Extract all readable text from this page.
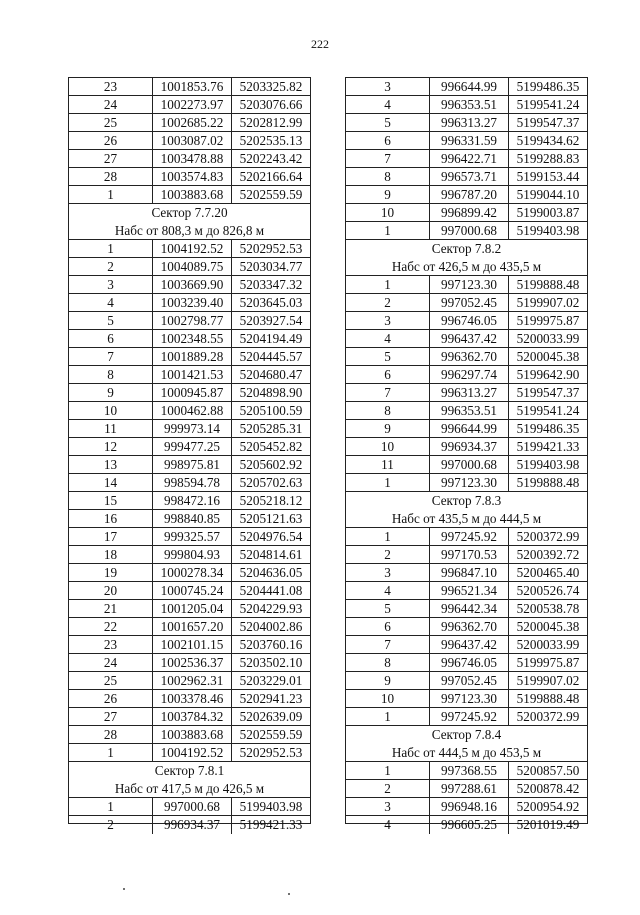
222
23	1001853.76	5203325.82
24	1002273.97	5203076.66
25	1002685.22	5202812.99
26	1003087.02	5202535.13
27	1003478.88	5202243.42
28	1003574.83	5202166.64
1	1003883.68	5202559.59
Сектор 7.7.20
Набс от 808,3 м до 826,8 м
1	1004192.52	5202952.53
2	1004089.75	5203034.77
3	1003669.90	5203347.32
4	1003239.40	5203645.03
5	1002798.77	5203927.54
6	1002348.55	5204194.49
7	1001889.28	5204445.57
8	1001421.53	5204680.47
9	1000945.87	5204898.90
10	1000462.88	5205100.59
11	999973.14	5205285.31
12	999477.25	5205452.82
13	998975.81	5205602.92
14	998594.78	5205702.63
15	998472.16	5205218.12
16	998840.85	5205121.63
17	999325.57	5204976.54
18	999804.93	5204814.61
19	1000278.34	5204636.05
20	1000745.24	5204441.08
21	1001205.04	5204229.93
22	1001657.20	5204002.86
23	1002101.15	5203760.16
24	1002536.37	5203502.10
25	1002962.31	5203229.01
26	1003378.46	5202941.23
27	1003784.32	5202639.09
28	1003883.68	5202559.59
1	1004192.52	5202952.53
Сектор 7.8.1
Набс от 417,5 м до 426,5 м
1	997000.68	5199403.98
2	996934.37	5199421.33
3	996644.99	5199486.35
4	996353.51	5199541.24
5	996313.27	5199547.37
6	996331.59	5199434.62
7	996422.71	5199288.83
8	996573.71	5199153.44
9	996787.20	5199044.10
10	996899.42	5199003.87
1	997000.68	5199403.98
Сектор 7.8.2
Набс от 426,5 м до 435,5 м
1	997123.30	5199888.48
2	997052.45	5199907.02
3	996746.05	5199975.87
4	996437.42	5200033.99
5	996362.70	5200045.38
6	996297.74	5199642.90
7	996313.27	5199547.37
8	996353.51	5199541.24
9	996644.99	5199486.35
10	996934.37	5199421.33
11	997000.68	5199403.98
1	997123.30	5199888.48
Сектор 7.8.3
Набс от 435,5 м до 444,5 м
1	997245.92	5200372.99
2	997170.53	5200392.72
3	996847.10	5200465.40
4	996521.34	5200526.74
5	996442.34	5200538.78
6	996362.70	5200045.38
7	996437.42	5200033.99
8	996746.05	5199975.87
9	997052.45	5199907.02
10	997123.30	5199888.48
1	997245.92	5200372.99
Сектор 7.8.4
Набс от 444,5 м до 453,5 м
1	997368.55	5200857.50
2	997288.61	5200878.42
3	996948.16	5200954.92
4	996605.25	5201019.49
